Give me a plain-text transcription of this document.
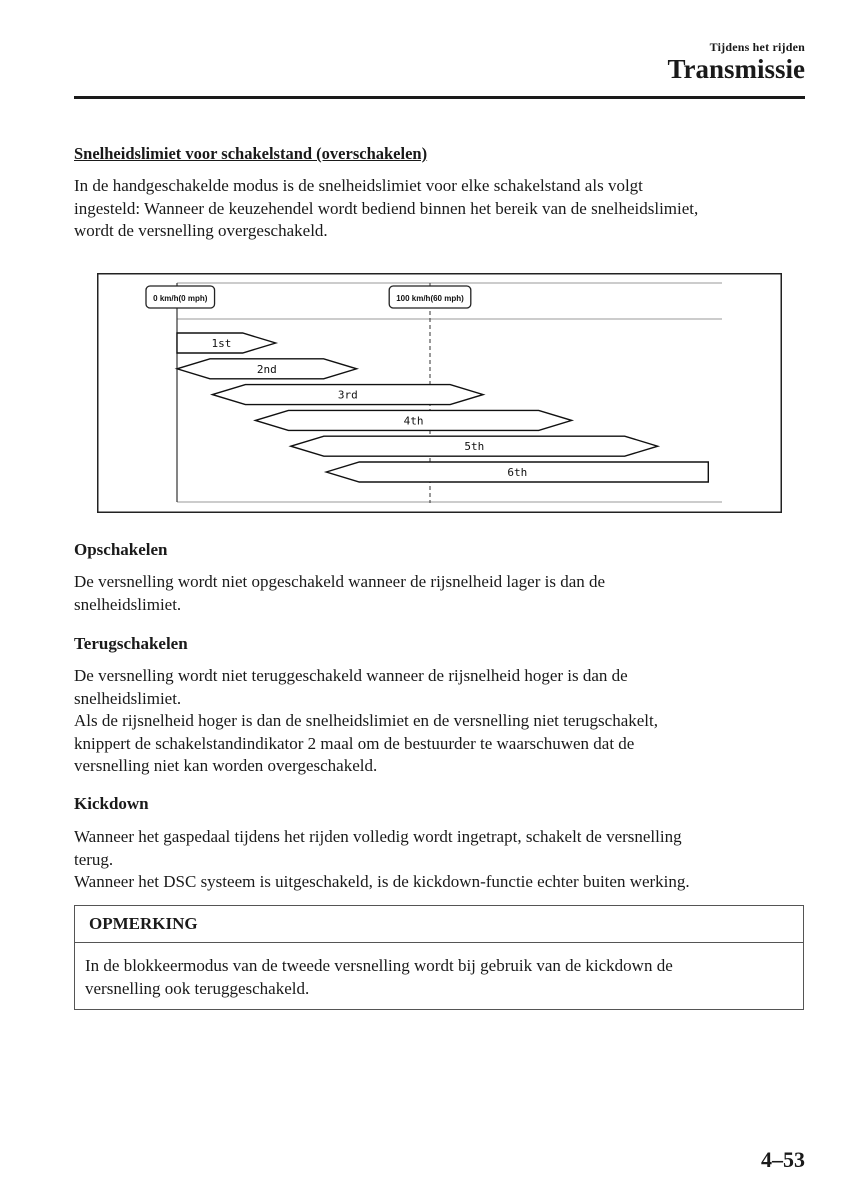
Tijdens het rijden
Transmissie
Snelheidslimiet voor schakelstand (overschakelen)

In de handgeschakelde modus is de snelheidslimiet voor elke schakelstand als volgt
ingesteld: Wanneer de keuzehendel wordt bediend binnen het bereik van de snelheidslimiet,
wordt de versnelling overgeschakeld.

0 km/h(0 mph)	100 km/h(60 mph)
1st
2nd
3rd
4th
5th
6th
Opschakelen

De versnelling wordt niet opgeschakeld wanneer de rijsnelheid lager is dan de
snelheidslimiet.

Terugschakelen

De versnelling wordt niet teruggeschakeld wanneer de rijsnelheid hoger is dan de
snelheidslimiet.
Als de rijsnelheid hoger is dan de snelheidslimiet en de versnelling niet terugschakelt,
knippert de schakelstandindikator 2 maal om de bestuurder te waarschuwen dat de
versnelling niet kan worden overgeschakeld.

Kickdown

Wanneer het gaspedaal tijdens het rijden volledig wordt ingetrapt, schakelt de versnelling
terug.
Wanneer het DSC systeem is uitgeschakeld, is de kickdown-functie echter buiten werking.

OPMERKING

In de blokkeermodus van de tweede versnelling wordt bij gebruik van de kickdown de
versnelling ook teruggeschakeld.

4–53
